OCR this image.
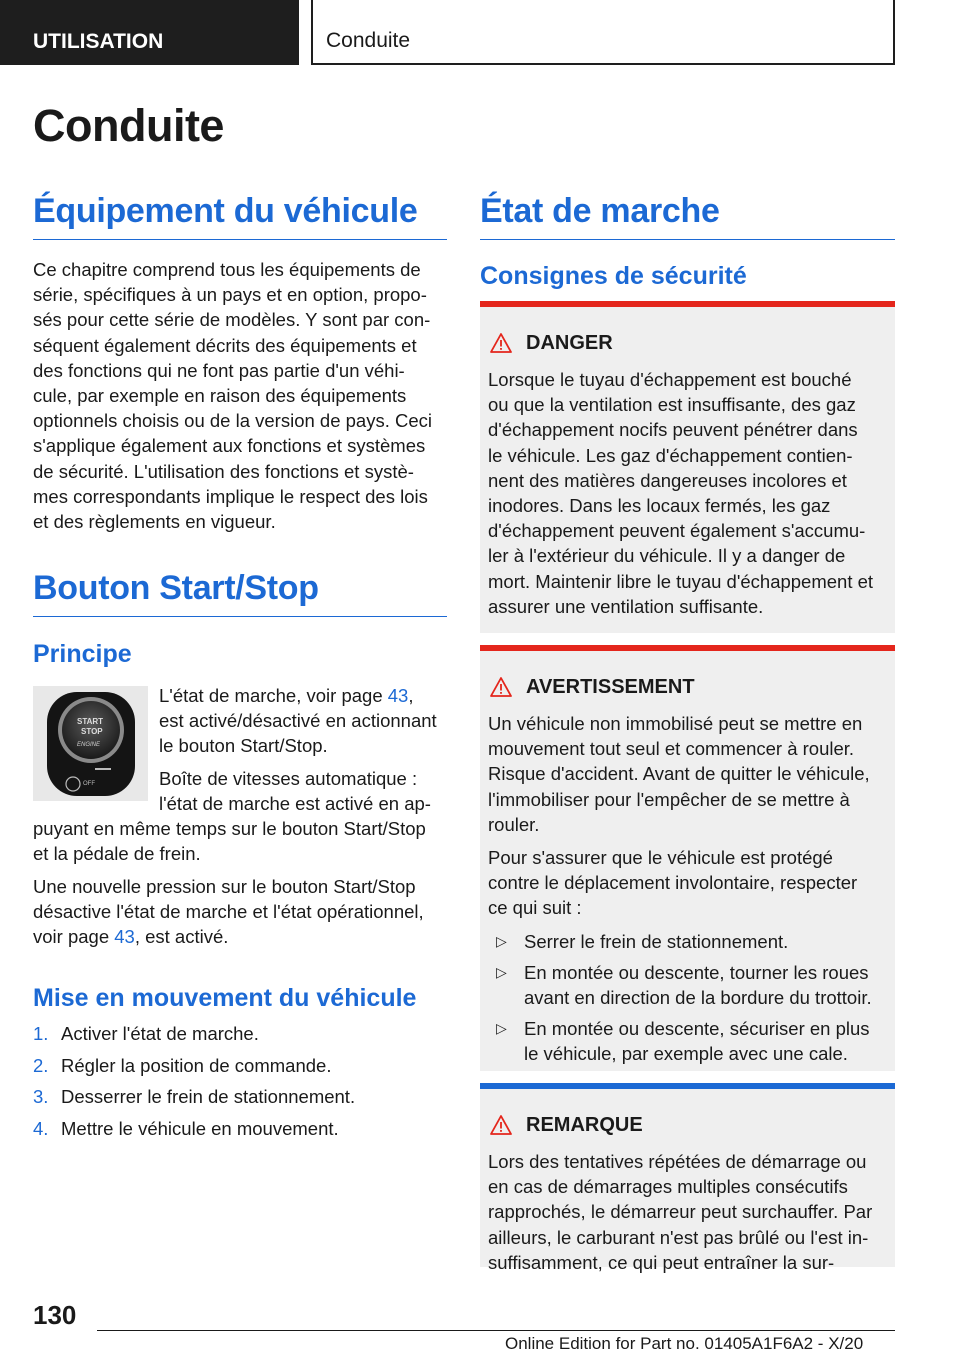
UTILISATION	Conduite
Conduite
Équipement du véhicule
Ce chapitre comprend tous les équipements de
série, spécifiques à un pays et en option, propo-
sés pour cette série de modèles. Y sont par con-
séquent également décrits des équipements et
des fonctions qui ne font pas partie d'un véhi-
cule, par exemple en raison des équipements
optionnels choisis ou de la version de pays. Ceci
s'applique également aux fonctions et systèmes
de sécurité. L'utilisation des fonctions et systè-
mes correspondants implique le respect des lois
et des règlements en vigueur.
Bouton Start/Stop
Principe
START
STOP
ENGINE
OFF
L'état de marche, voir page 43,
est activé/désactivé en actionnant
le bouton Start/Stop.
Boîte de vitesses automatique :
l'état de marche est activé en ap-
puyant en même temps sur le bouton Start/Stop
et la pédale de frein.
Une nouvelle pression sur le bouton Start/Stop
désactive l'état de marche et l'état opérationnel,
voir page 43, est activé.
Mise en mouvement du véhicule
1. Activer l'état de marche.
2. Régler la position de commande.
3. Desserrer le frein de stationnement.
4. Mettre le véhicule en mouvement.
État de marche
Consignes de sécurité
DANGER

Lorsque le tuyau d'échappement est bouché
ou que la ventilation est insuffisante, des gaz
d'échappement nocifs peuvent pénétrer dans
le véhicule. Les gaz d'échappement contien-
nent des matières dangereuses incolores et
inodores. Dans les locaux fermés, les gaz
d'échappement peuvent également s'accumu-
ler à l'extérieur du véhicule. Il y a danger de
mort. Maintenir libre le tuyau d'échappement et
assurer une ventilation suffisante.

AVERTISSEMENT

Un véhicule non immobilisé peut se mettre en
mouvement tout seul et commencer à rouler.
Risque d'accident. Avant de quitter le véhicule,
l'immobiliser pour l'empêcher de se mettre à
rouler.

Pour s'assurer que le véhicule est protégé
contre le déplacement involontaire, respecter
ce qui suit :

▷ Serrer le frein de stationnement.
▷ En montée ou descente, tourner les roues
avant en direction de la bordure du trottoir.
▷ En montée ou descente, sécuriser en plus
le véhicule, par exemple avec une cale.
REMARQUE

Lors des tentatives répétées de démarrage ou
en cas de démarrages multiples consécutifs
rapprochés, le démarreur peut surchauffer. Par
ailleurs, le carburant n'est pas brûlé ou l'est in-
suffisamment, ce qui peut entraîner la sur-

130
Online Edition for Part no. 01405A1F6A2 - X/20
